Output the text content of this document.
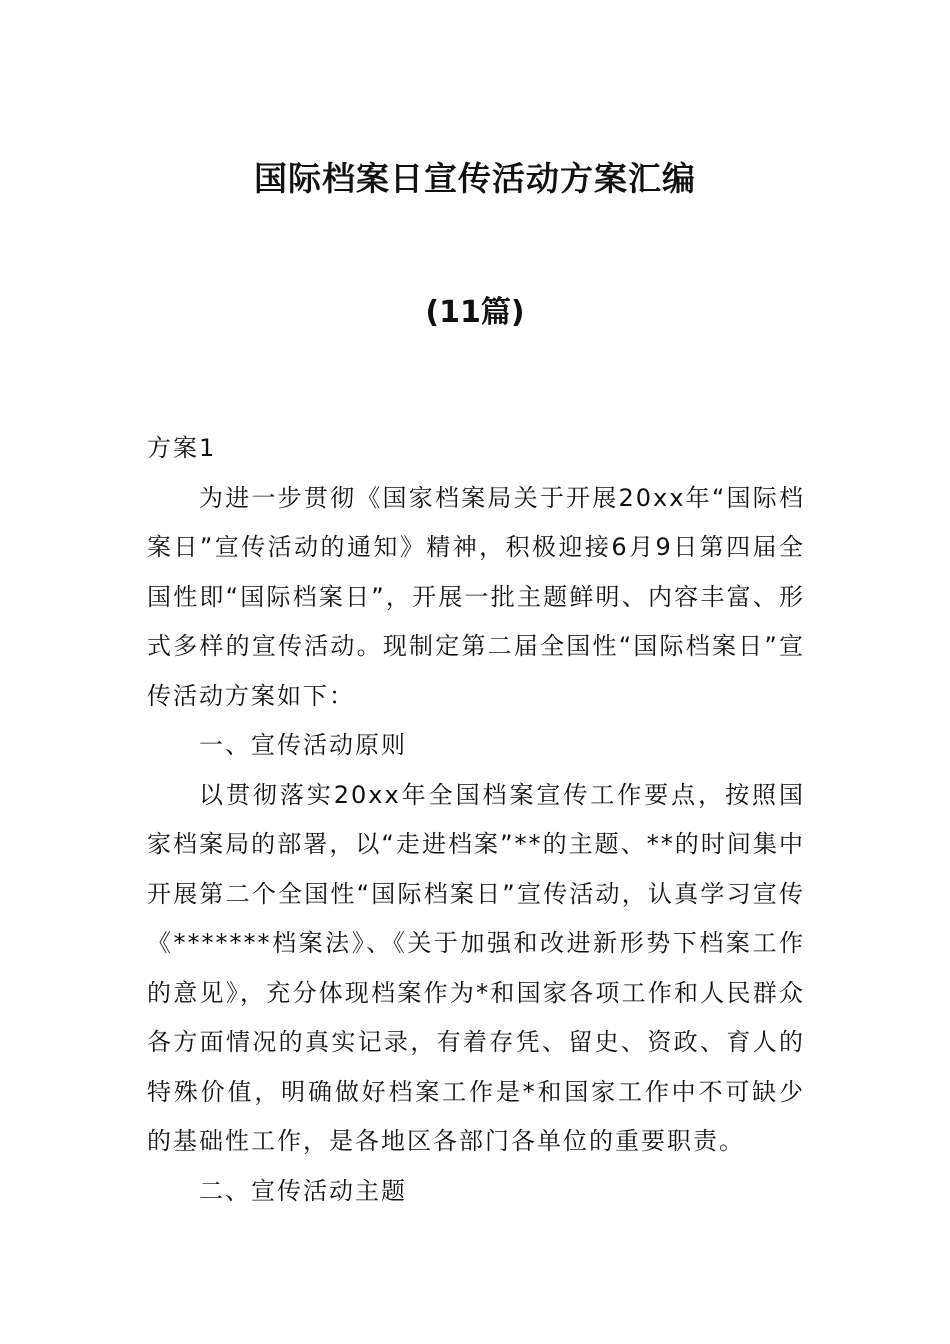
国际档案日宣传活动方案汇编
(11篇)

方案1

为进一步贯彻《国家档案局关于开展20xx年“国际档案日”宣传活动的通知》精神，积极迎接6月9日第四届全国性即“国际档案日”，开展一批主题鲜明、内容丰富、形式多样的宣传活动。现制定第二届全国性“国际档案日”宣传活动方案如下：

一、宣传活动原则

以贯彻落实20xx年全国档案宣传工作要点，按照国家档案局的部署，以“走进档案”**的主题、**的时间集中开展第二个全国性“国际档案日”宣传活动，认真学习宣传《*******档案法》、《关于加强和改进新形势下档案工作的意见》，充分体现档案作为*和国家各项工作和人民群众各方面情况的真实记录，有着存凭、留史、资政、育人的特殊价值，明确做好档案工作是*和国家工作中不可缺少的基础性工作，是各地区各部门各单位的重要职责。

二、宣传活动主题
